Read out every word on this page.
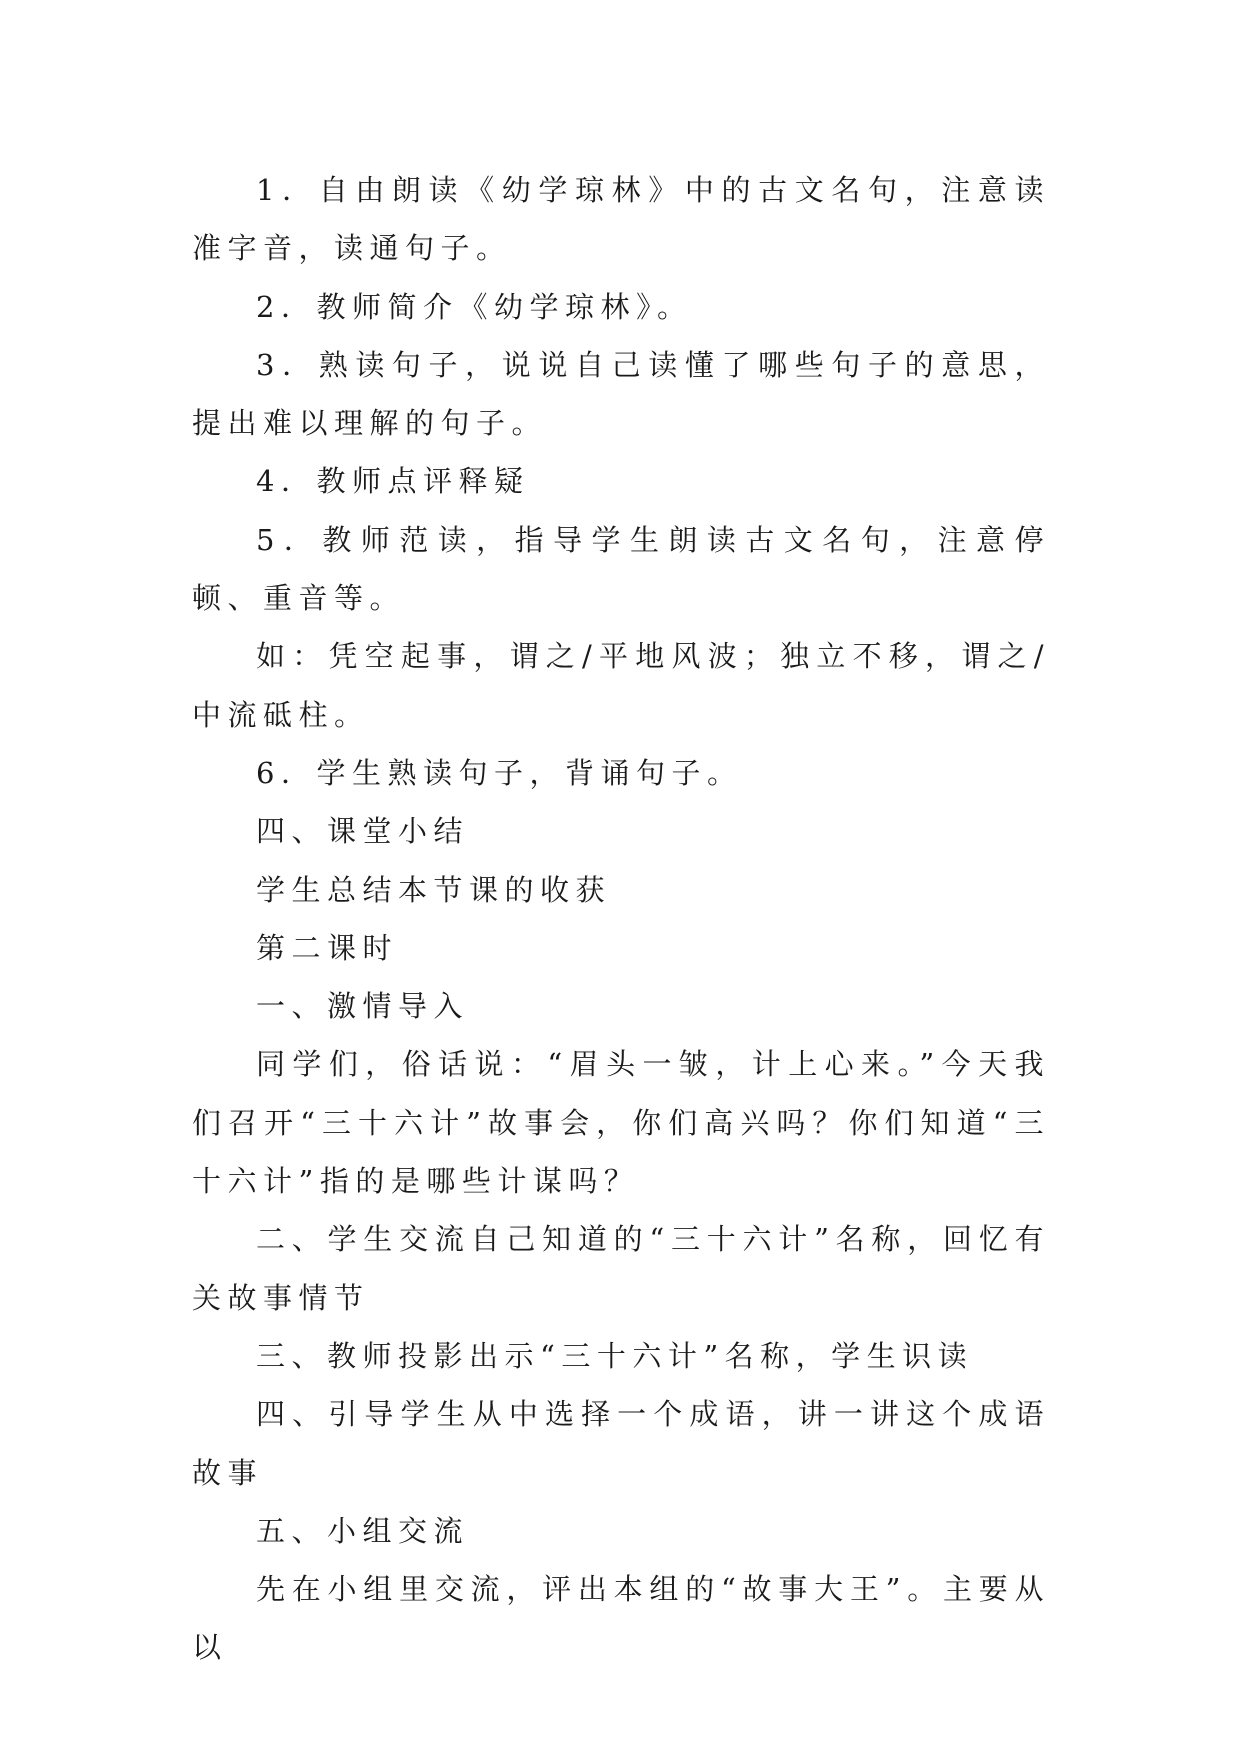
1．自由朗读《幼学琼林》中的古文名句，注意读准字音，读通句子。

2．教师简介《幼学琼林》。

3．熟读句子，说说自己读懂了哪些句子的意思，提出难以理解的句子。

4．教师点评释疑

5．教师范读，指导学生朗读古文名句，注意停顿、重音等。

如：凭空起事，谓之/平地风波；独立不移，谓之/中流砥柱。

6．学生熟读句子，背诵句子。

四、课堂小结

学生总结本节课的收获

第二课时

一、激情导入

同学们，俗话说：“眉头一皱，计上心来。”今天我们召开“三十六计”故事会，你们高兴吗？你们知道“三十六计”指的是哪些计谋吗？

二、学生交流自己知道的“三十六计”名称，回忆有关故事情节

三、教师投影出示“三十六计”名称，学生识读

四、引导学生从中选择一个成语，讲一讲这个成语故事

五、小组交流

先在小组里交流，评出本组的“故事大王”。主要从以
